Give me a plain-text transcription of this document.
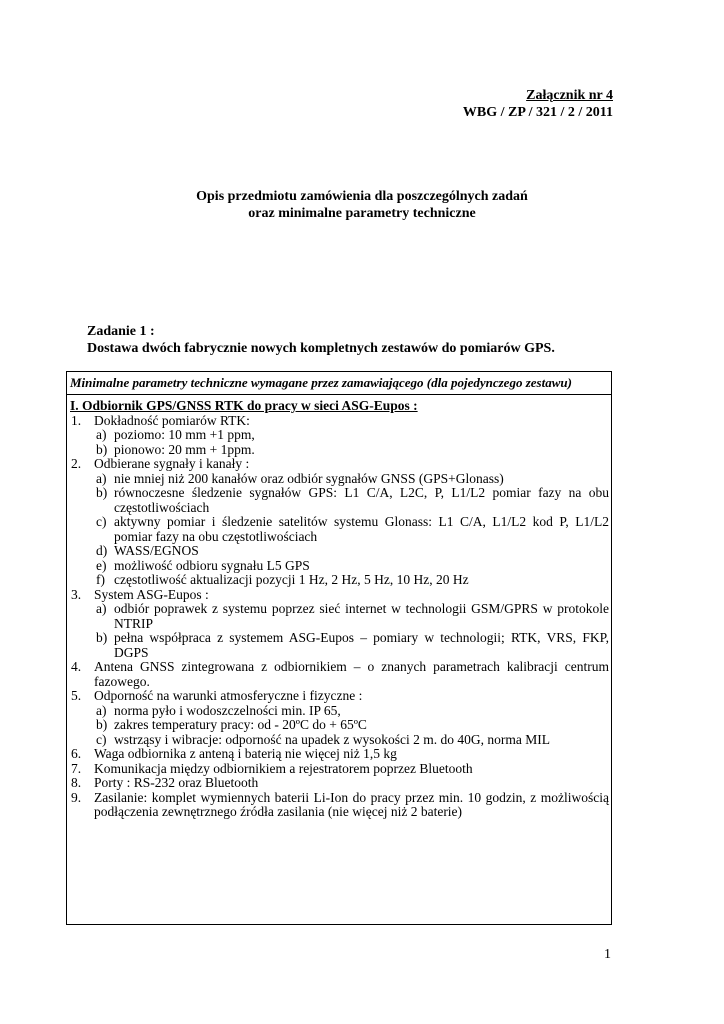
Załącznik nr 4
WBG / ZP / 321 / 2 / 2011
Opis przedmiotu zamówienia dla poszczególnych zadań
oraz minimalne parametry techniczne
Zadanie 1 :
Dostawa dwóch fabrycznie nowych kompletnych zestawów do pomiarów GPS.
Minimalne parametry techniczne wymagane przez zamawiającego (dla pojedynczego zestawu)
I. Odbiornik GPS/GNSS RTK do pracy w sieci ASG-Eupos :
1. Dokładność pomiarów RTK:
a) poziomo: 10 mm +1 ppm,
b) pionowo: 20 mm + 1ppm.
2. Odbierane sygnały i kanały :
a) nie mniej niż 200 kanałów oraz odbiór sygnałów GNSS (GPS+Glonass)
b) równoczesne śledzenie sygnałów GPS: L1 C/A, L2C, P, L1/L2 pomiar fazy na obu częstotliwościach
c) aktywny pomiar i śledzenie satelitów systemu Glonass: L1 C/A, L1/L2 kod P, L1/L2 pomiar fazy na obu częstotliwościach
d) WASS/EGNOS
e) możliwość odbioru sygnału L5 GPS
f) częstotliwość aktualizacji pozycji 1 Hz, 2 Hz, 5 Hz, 10 Hz, 20 Hz
3. System ASG-Eupos :
a) odbiór poprawek z systemu poprzez sieć internet w technologii GSM/GPRS w protokole NTRIP
b) pełna współpraca z systemem ASG-Eupos – pomiary w technologii; RTK, VRS, FKP, DGPS
4. Antena GNSS zintegrowana z odbiornikiem – o znanych parametrach kalibracji centrum fazowego.
5. Odporność na warunki atmosferyczne i fizyczne :
a) norma pyło i wodoszczelności min. IP 65,
b) zakres temperatury pracy: od - 20ºC do + 65ºC
c) wstrząsy i wibracje: odporność na upadek z wysokości 2 m. do 40G, norma MIL
6. Waga odbiornika z anteną i baterią nie więcej niż 1,5 kg
7. Komunikacja między odbiornikiem a rejestratorem poprzez Bluetooth
8. Porty : RS-232 oraz Bluetooth
9. Zasilanie: komplet wymiennych baterii Li-Ion do pracy przez min. 10 godzin, z możliwością podłączenia zewnętrznego źródła zasilania (nie więcej niż 2 baterie)
1
